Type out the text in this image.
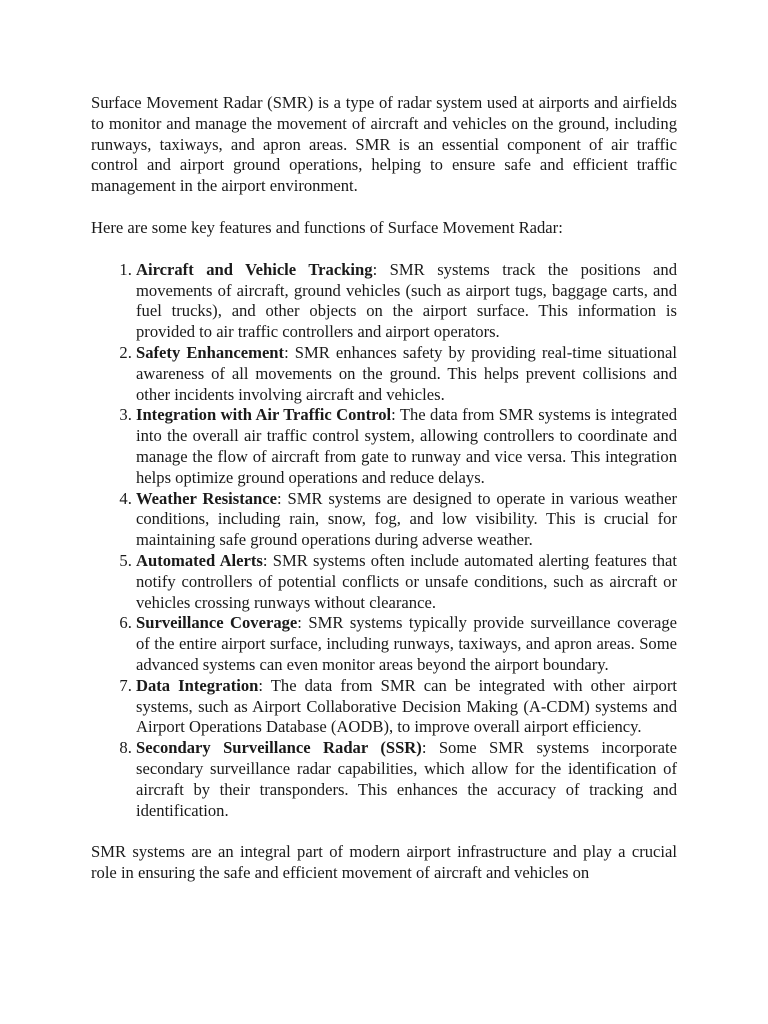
Surface Movement Radar (SMR) is a type of radar system used at airports and airfields to monitor and manage the movement of aircraft and vehicles on the ground, including runways, taxiways, and apron areas. SMR is an essential component of air traffic control and airport ground operations, helping to ensure safe and efficient traffic management in the airport environment.

Here are some key features and functions of Surface Movement Radar:

1. Aircraft and Vehicle Tracking: SMR systems track the positions and movements of aircraft, ground vehicles (such as airport tugs, baggage carts, and fuel trucks), and other objects on the airport surface. This information is provided to air traffic controllers and airport operators.
2. Safety Enhancement: SMR enhances safety by providing real-time situational awareness of all movements on the ground. This helps prevent collisions and other incidents involving aircraft and vehicles.
3. Integration with Air Traffic Control: The data from SMR systems is integrated into the overall air traffic control system, allowing controllers to coordinate and manage the flow of aircraft from gate to runway and vice versa. This integration helps optimize ground operations and reduce delays.
4. Weather Resistance: SMR systems are designed to operate in various weather conditions, including rain, snow, fog, and low visibility. This is crucial for maintaining safe ground operations during adverse weather.
5. Automated Alerts: SMR systems often include automated alerting features that notify controllers of potential conflicts or unsafe conditions, such as aircraft or vehicles crossing runways without clearance.
6. Surveillance Coverage: SMR systems typically provide surveillance coverage of the entire airport surface, including runways, taxiways, and apron areas. Some advanced systems can even monitor areas beyond the airport boundary.
7. Data Integration: The data from SMR can be integrated with other airport systems, such as Airport Collaborative Decision Making (A-CDM) systems and Airport Operations Database (AODB), to improve overall airport efficiency.
8. Secondary Surveillance Radar (SSR): Some SMR systems incorporate secondary surveillance radar capabilities, which allow for the identification of aircraft by their transponders. This enhances the accuracy of tracking and identification.

SMR systems are an integral part of modern airport infrastructure and play a crucial role in ensuring the safe and efficient movement of aircraft and vehicles on
